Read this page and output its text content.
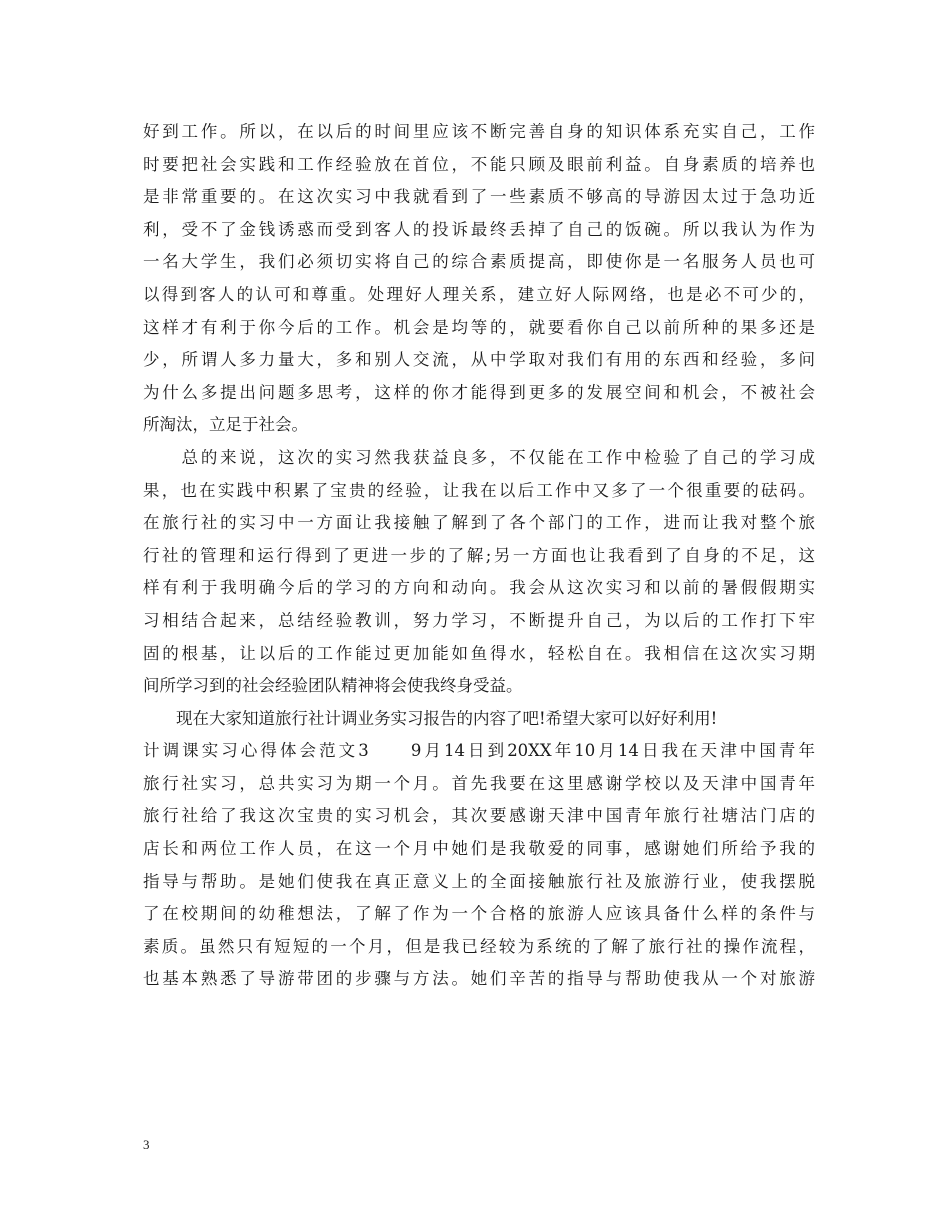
好到工作。所以，在以后的时间里应该不断完善自身的知识体系充实自己，工作
时要把社会实践和工作经验放在首位，不能只顾及眼前利益。自身素质的培养也
是非常重要的。在这次实习中我就看到了一些素质不够高的导游因太过于急功近
利，受不了金钱诱惑而受到客人的投诉最终丢掉了自己的饭碗。所以我认为作为
一名大学生，我们必须切实将自己的综合素质提高，即使你是一名服务人员也可
以得到客人的认可和尊重。处理好人理关系，建立好人际网络，也是必不可少的，
这样才有利于你今后的工作。机会是均等的，就要看你自己以前所种的果多还是
少，所谓人多力量大，多和别人交流，从中学取对我们有用的东西和经验，多问
为什么多提出问题多思考，这样的你才能得到更多的发展空间和机会，不被社会
所淘汰，立足于社会。
　　总的来说，这次的实习然我获益良多，不仅能在工作中检验了自己的学习成
果，也在实践中积累了宝贵的经验，让我在以后工作中又多了一个很重要的砝码。
在旅行社的实习中一方面让我接触了解到了各个部门的工作，进而让我对整个旅
行社的管理和运行得到了更进一步的了解;另一方面也让我看到了自身的不足，这
样有利于我明确今后的学习的方向和动向。我会从这次实习和以前的暑假假期实
习相结合起来，总结经验教训，努力学习，不断提升自己，为以后的工作打下牢
固的根基，让以后的工作能过更加能如鱼得水，轻松自在。我相信在这次实习期
间所学习到的社会经验团队精神将会使我终身受益。
　　现在大家知道旅行社计调业务实习报告的内容了吧!希望大家可以好好利用!
计调课实习心得体会范文3　　9月14日到20XX年10月14日我在天津中国青年
旅行社实习，总共实习为期一个月。首先我要在这里感谢学校以及天津中国青年
旅行社给了我这次宝贵的实习机会，其次要感谢天津中国青年旅行社塘沽门店的
店长和两位工作人员，在这一个月中她们是我敬爱的同事，感谢她们所给予我的
指导与帮助。是她们使我在真正意义上的全面接触旅行社及旅游行业，使我摆脱
了在校期间的幼稚想法，了解了作为一个合格的旅游人应该具备什么样的条件与
素质。虽然只有短短的一个月，但是我已经较为系统的了解了旅行社的操作流程，
也基本熟悉了导游带团的步骤与方法。她们辛苦的指导与帮助使我从一个对旅游
3
